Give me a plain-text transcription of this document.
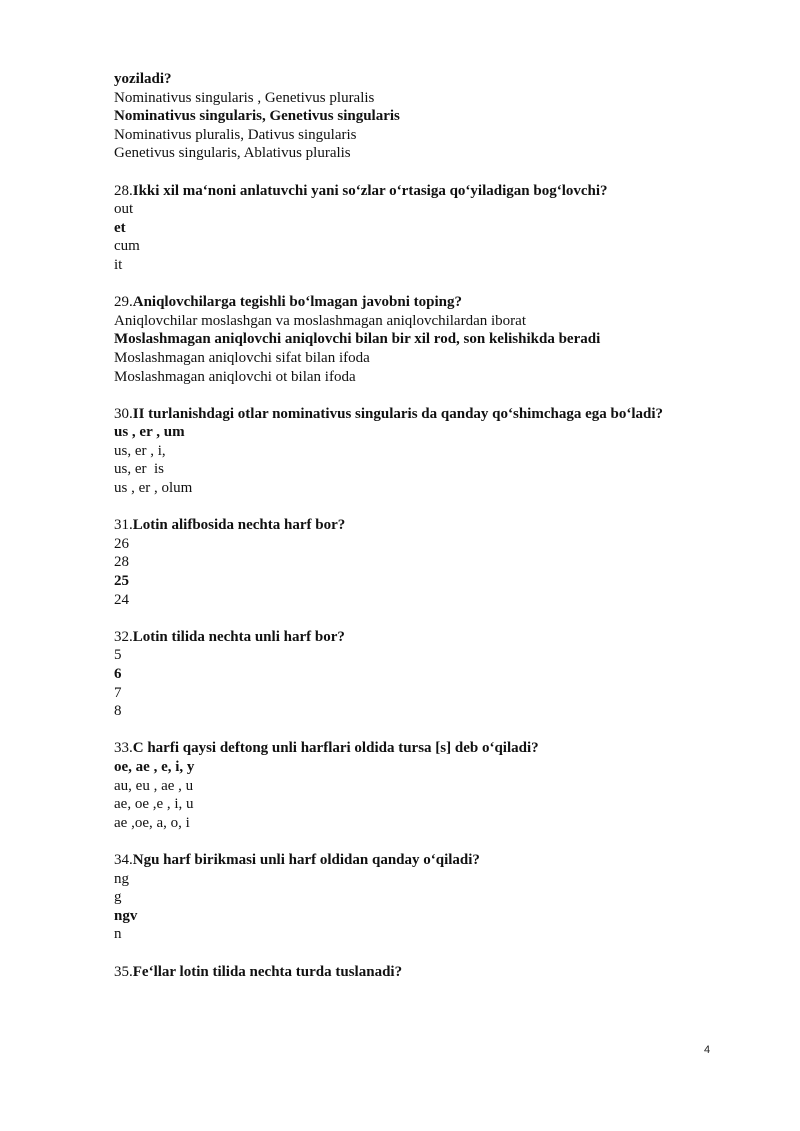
yoziladi?
Nominativus singularis , Genetivus pluralis
Nominativus singularis, Genetivus singularis
Nominativus pluralis, Dativus singularis
Genetivus singularis, Ablativus pluralis
28.Ikki xil ma‘noni anlatuvchi yani so‘zlar o‘rtasiga qo‘yiladigan bog‘lovchi?
out
et
cum
it
29.Aniqlovchilarga tegishli bo‘lmagan javobni toping?
Aniqlovchilar moslashgan va moslashmagan aniqlovchilardan iborat
Moslashmagan aniqlovchi aniqlovchi bilan bir xil rod, son kelishikda beradi
Moslashmagan aniqlovchi sifat bilan ifoda
Moslashmagan aniqlovchi ot bilan ifoda
30.II turlanishdagi otlar nominativus singularis da qanday qo‘shimchaga ega bo‘ladi?
us , er , um
us, er , i,
us, er  is
us , er , olum
31.Lotin alifbosida nechta harf bor?
26
28
25
24
32.Lotin tilida nechta unli harf bor?
5
6
7
8
33.C harfi qaysi deftong unli harflari oldida tursa [s] deb o‘qiladi?
oe, ae , e, i, y
au, eu , ae , u
ae, oe ,e , i, u
ae ,oe, a, o, i
34.Ngu harf birikmasi unli harf oldidan qanday o‘qiladi?
ng
g
ngv
n
35.Fe‘llar lotin tilida nechta turda tuslanadi?
4
